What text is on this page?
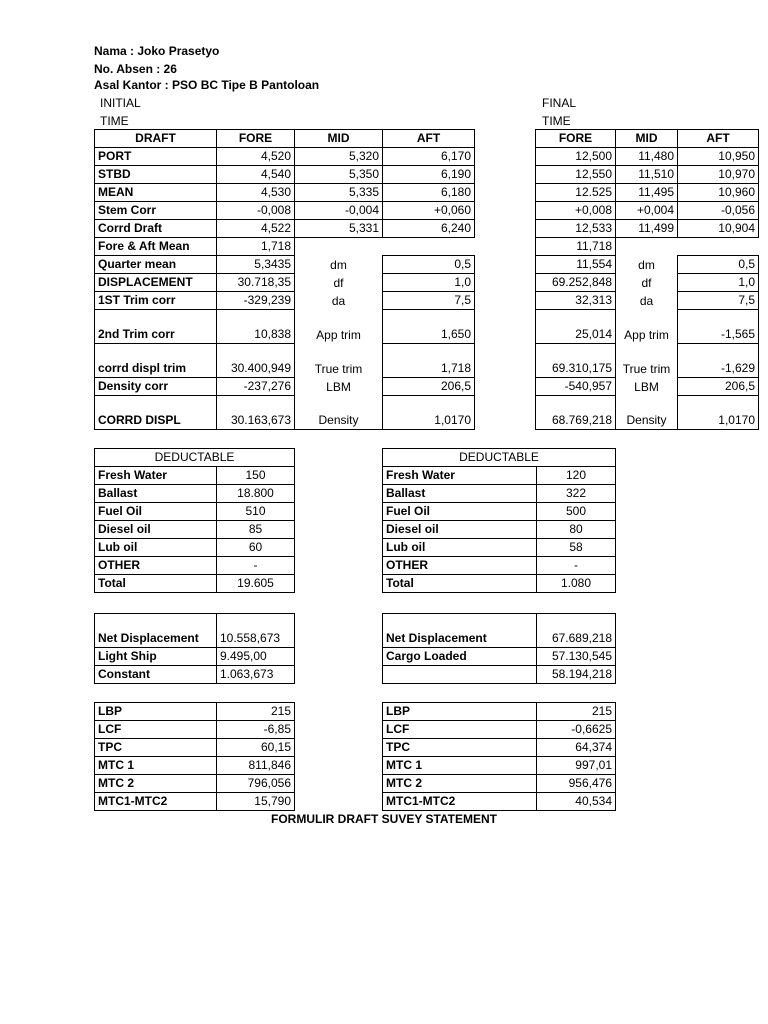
Nama : Joko Prasetyo
No. Absen : 26
Asal Kantor : PSO BC Tipe B Pantoloan
INITIAL
TIME
FINAL
TIME
DRAFT	FORE	MID	AFT
PORT	4,520	5,320	6,170
STBD	4,540	5,350	6,190
MEAN	4,530	5,335	6,180
Stem Corr	-0,008	-0,004	+0,060
Corrd Draft	4,522	5,331	6,240
Fore & Aft Mean	1,718		
Quarter mean	5,3435	dm	0,5
DISPLACEMENT	30.718,35	df	1,0
1ST Trim corr	-329,239	da	7,5
2nd Trim corr	10,838	App trim	1,650
corrd displ trim	30.400,949	True trim	1,718
Density corr	-237,276	LBM	206,5
CORRD DISPL	30.163,673	Density	1,0170
FORE	MID	AFT
12,500	11,480	10,950
12,550	11,510	10,970
12.525	11,495	10,960
+0,008	+0,004	-0,056
12,533	11,499	10,904
11,718		
11,554	dm	0,5
69.252,848	df	1,0
32,313	da	7,5
25,014	App trim	-1,565
69.310,175	True trim	-1,629
-540,957	LBM	206,5
68.769,218	Density	1,0170
DEDUCTABLE	
Fresh Water	150
Ballast	18.800
Fuel Oil	510
Diesel oil	85
Lub oil	60
OTHER	-
Total	19.605
DEDUCTABLE	
Fresh Water	120
Ballast	322
Fuel Oil	500
Diesel oil	80
Lub oil	58
OTHER	-
Total	1.080
Net Displacement	10.558,673
Light Ship	9.495,00
Constant	1.063,673
Net Displacement	67.689,218
Cargo Loaded	57.130,545
	58.194,218
LBP	215
LCF	-6,85
TPC	60,15
MTC 1	811,846
MTC 2	796,056
MTC1-MTC2	15,790
LBP	215
LCF	-0,6625
TPC	64,374
MTC 1	997,01
MTC 2	956,476
MTC1-MTC2	40,534
FORMULIR DRAFT SUVEY STATEMENT
